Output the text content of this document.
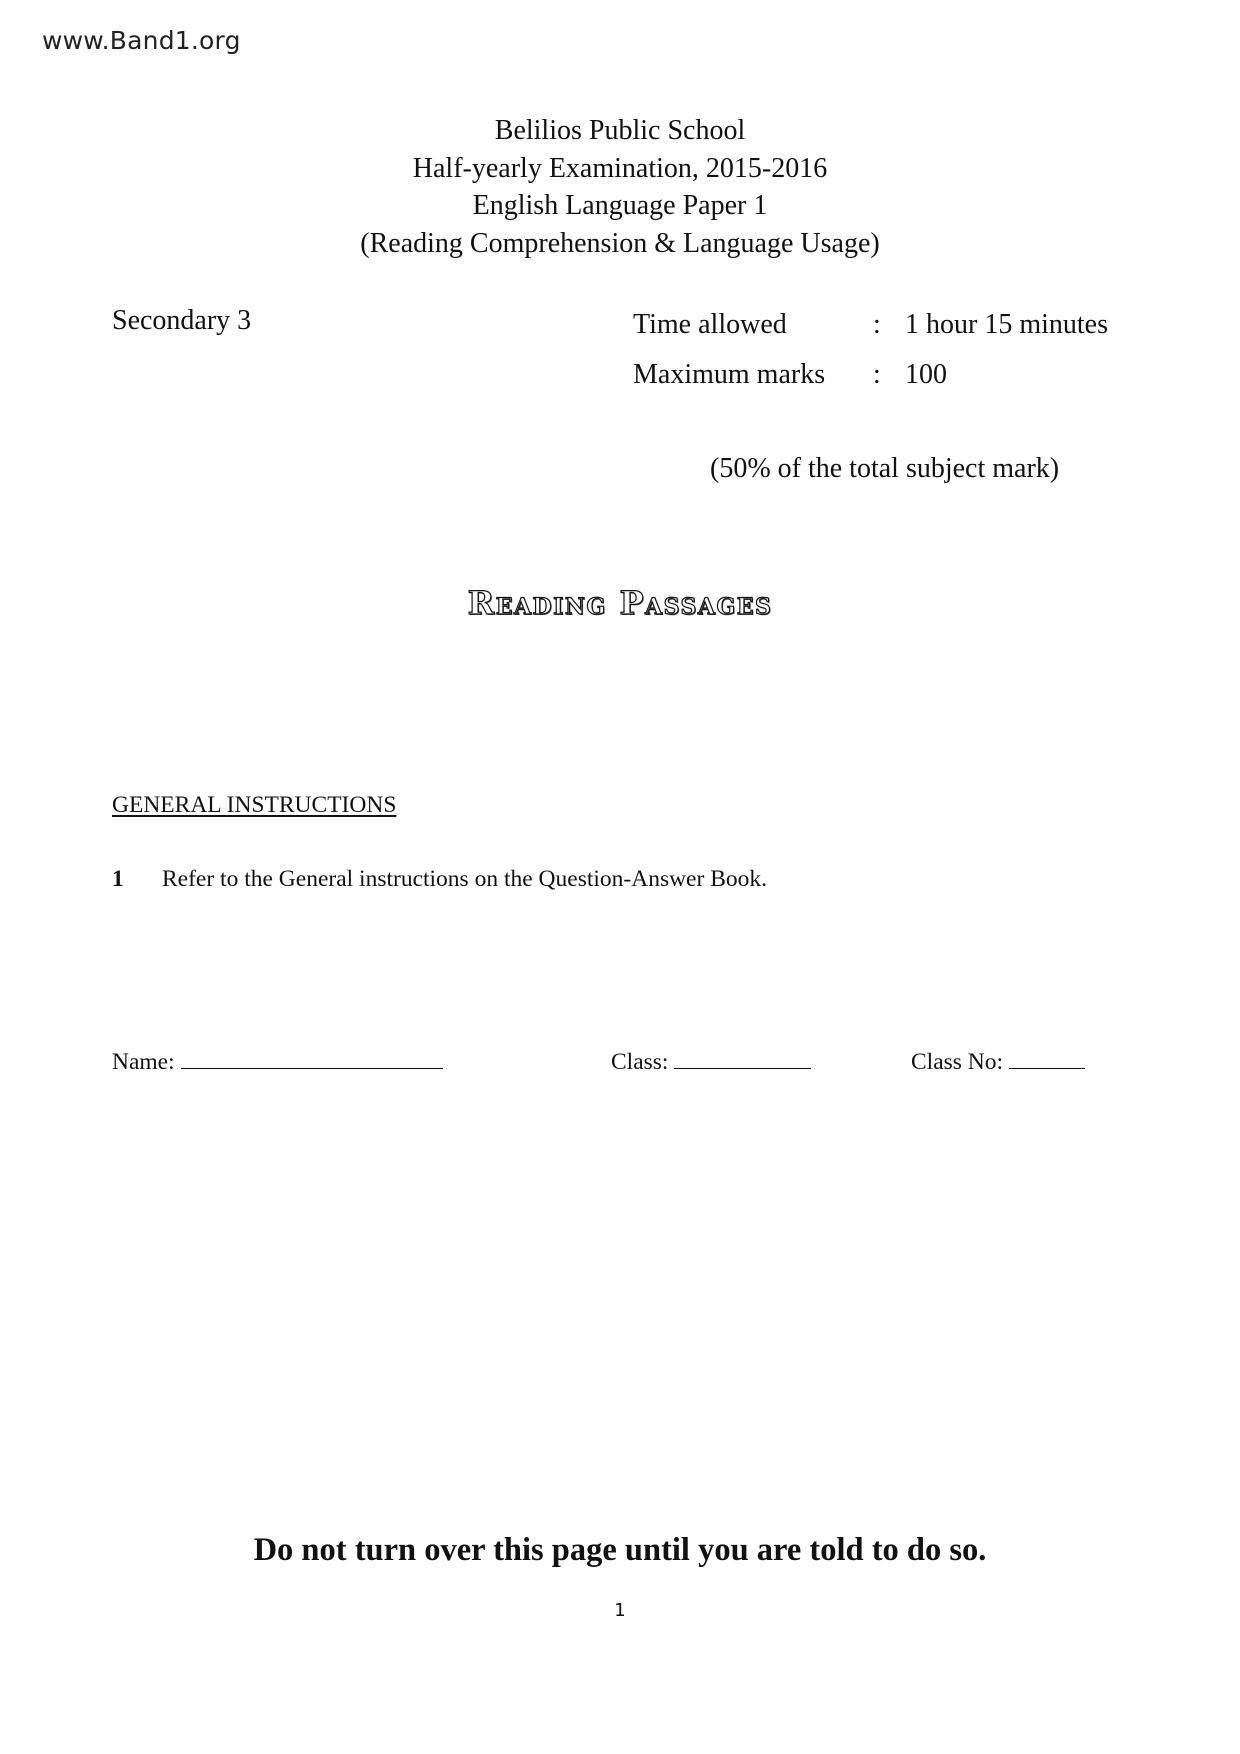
www.Band1.org
Belilios Public School
Half-yearly Examination, 2015-2016
English Language Paper 1
(Reading Comprehension & Language Usage)
Secondary 3	Time allowed	:	1 hour 15 minutes
Maximum marks	:	100
(50% of the total subject mark)
Reading Passages
GENERAL INSTRUCTIONS
1	Refer to the General instructions on the Question-Answer Book.
Name:	Class:	Class No:
Do not turn over this page until you are told to do so.
1
